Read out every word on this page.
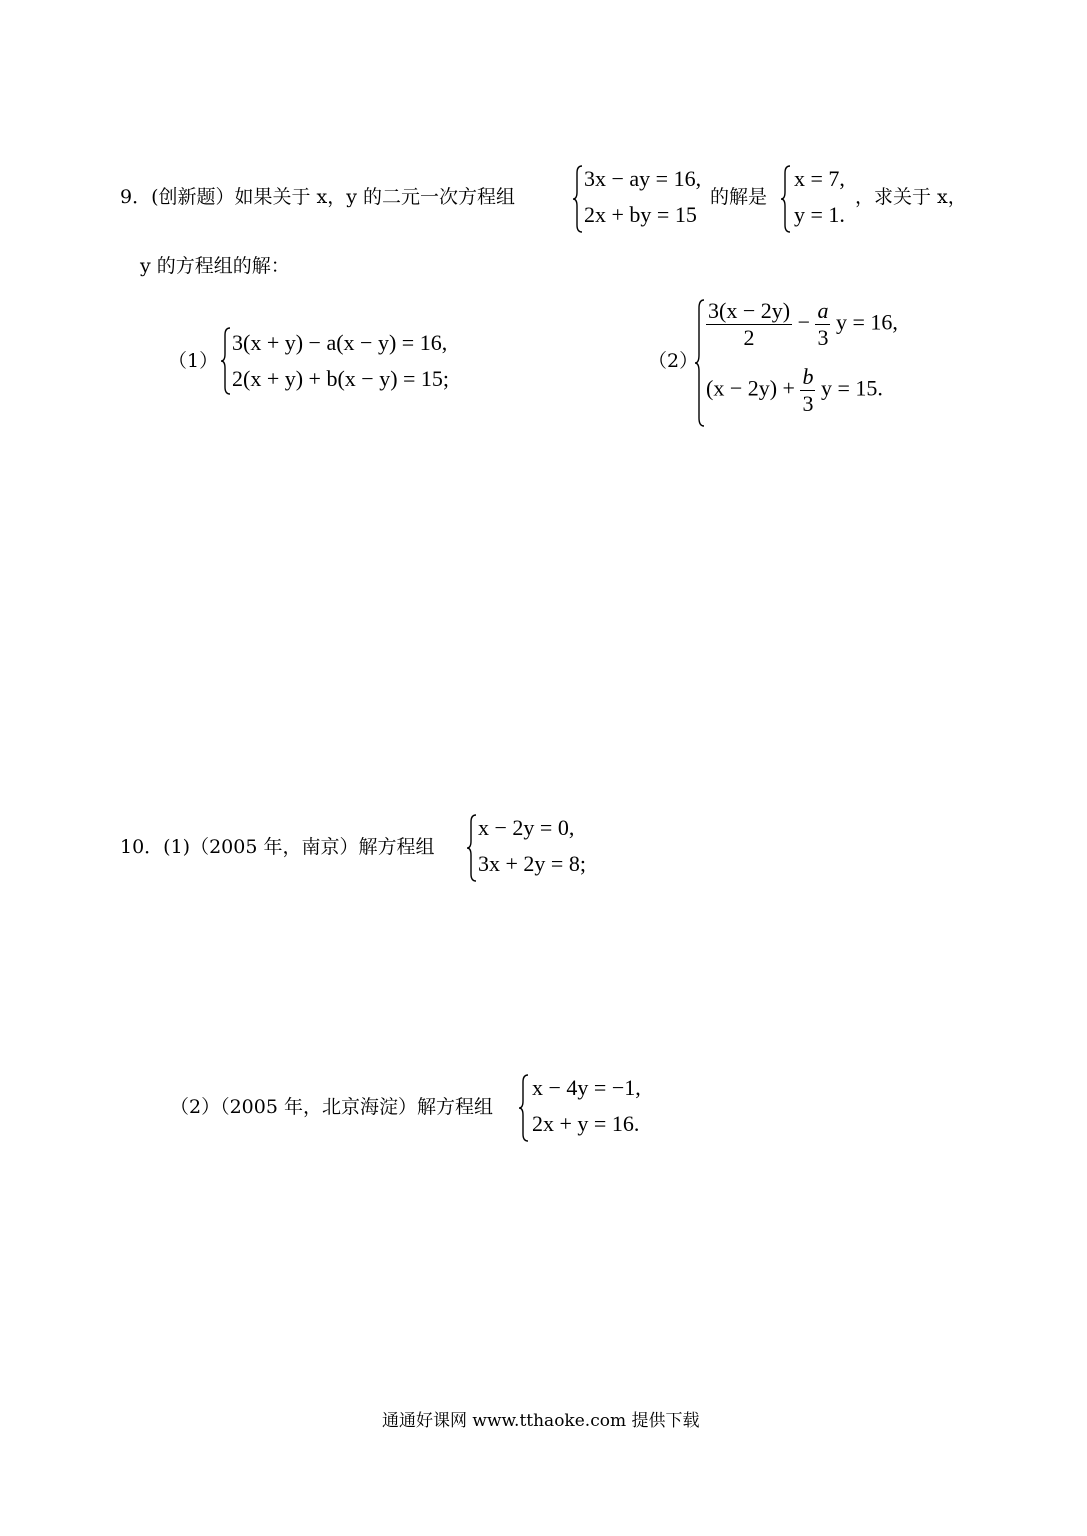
9．(创新题）如果关于 x，y 的二元一次方程组
3x − ay = 16,
2x + by = 15
的解是
x = 7,
y = 1.
，求关于 x，
y 的方程组的解：
（1）
3(x + y) − a(x − y) = 16,
2(x + y) + b(x − y) = 15;
（2）
$\frac{3(x - 2y)}{2} - \frac{a}{3}$ y = 16,
$(x - 2y) + \frac{b}{3}$ y = 15.
10．(1)（2005 年，南京）解方程组
x − 2y = 0,
3x + 2y = 8;
（2）（2005 年，北京海淀）解方程组
x − 4y = −1,
2x + y = 16.
通通好课网 www.tthaoke.com 提供下载
